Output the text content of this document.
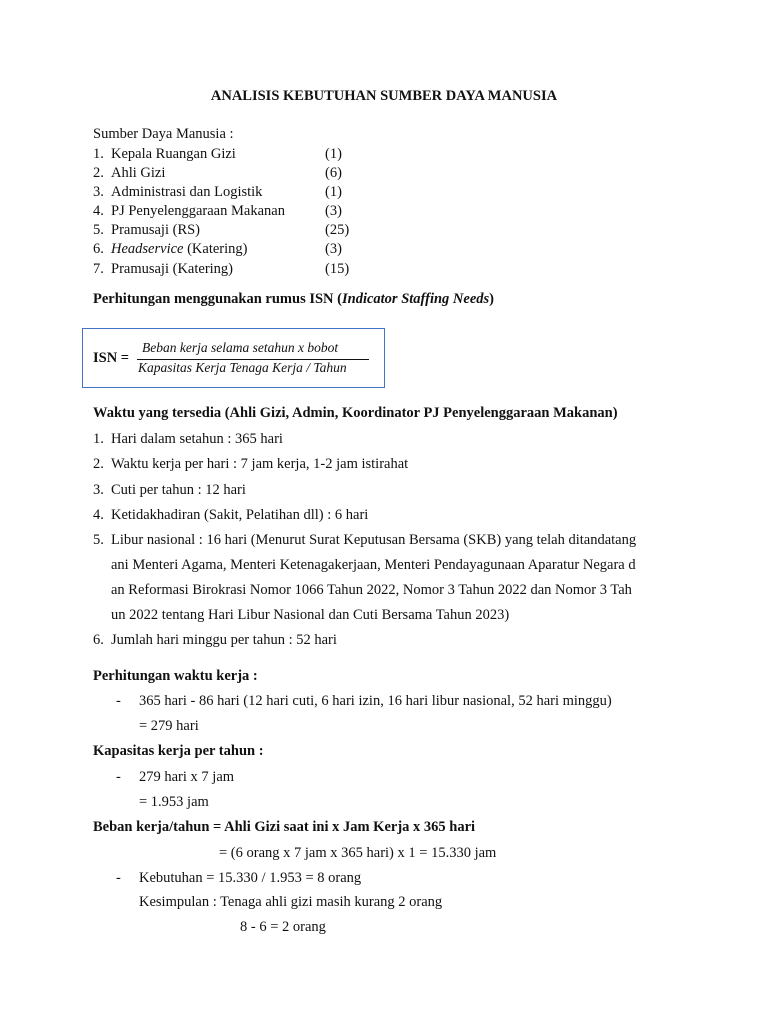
ANALISIS KEBUTUHAN SUMBER DAYA MANUSIA
Sumber Daya Manusia :
1. Kepala Ruangan Gizi	(1)
2. Ahli Gizi	(6)
3. Administrasi dan Logistik	(1)
4. PJ Penyelenggaraan Makanan	(3)
5. Pramusaji (RS)	(25)
6. Headservice (Katering)	(3)
7. Pramusaji (Katering)	(15)
Perhitungan menggunakan rumus ISN (Indicator Staffing Needs)
ISN =
Beban kerja selama setahun x bobot
Kapasitas Kerja Tenaga Kerja / Tahun
Waktu yang tersedia (Ahli Gizi, Admin, Koordinator PJ Penyelenggaraan Makanan)
1. Hari dalam setahun : 365 hari
2. Waktu kerja per hari : 7 jam kerja, 1-2 jam istirahat
3. Cuti per tahun : 12 hari
4. Ketidakhadiran (Sakit, Pelatihan dll) : 6 hari
5. Libur nasional : 16 hari (Menurut Surat Keputusan Bersama (SKB) yang telah ditandatang
ani Menteri Agama, Menteri Ketenagakerjaan, Menteri Pendayagunaan Aparatur Negara d
an Reformasi Birokrasi Nomor 1066 Tahun 2022, Nomor 3 Tahun 2022 dan Nomor 3 Tah
un 2022 tentang Hari Libur Nasional dan Cuti Bersama Tahun 2023)
6. Jumlah hari minggu per tahun : 52 hari
Perhitungan waktu kerja :
- 365 hari - 86 hari (12 hari cuti, 6 hari izin, 16 hari libur nasional, 52 hari minggu)
= 279 hari
Kapasitas kerja per tahun :
- 279 hari x 7 jam
= 1.953 jam
Beban kerja/tahun = Ahli Gizi saat ini x Jam Kerja x 365 hari
= (6 orang x 7 jam x 365 hari) x 1 = 15.330 jam
- Kebutuhan = 15.330 / 1.953 = 8 orang
Kesimpulan : Tenaga ahli gizi masih kurang 2 orang
8 - 6 = 2 orang
